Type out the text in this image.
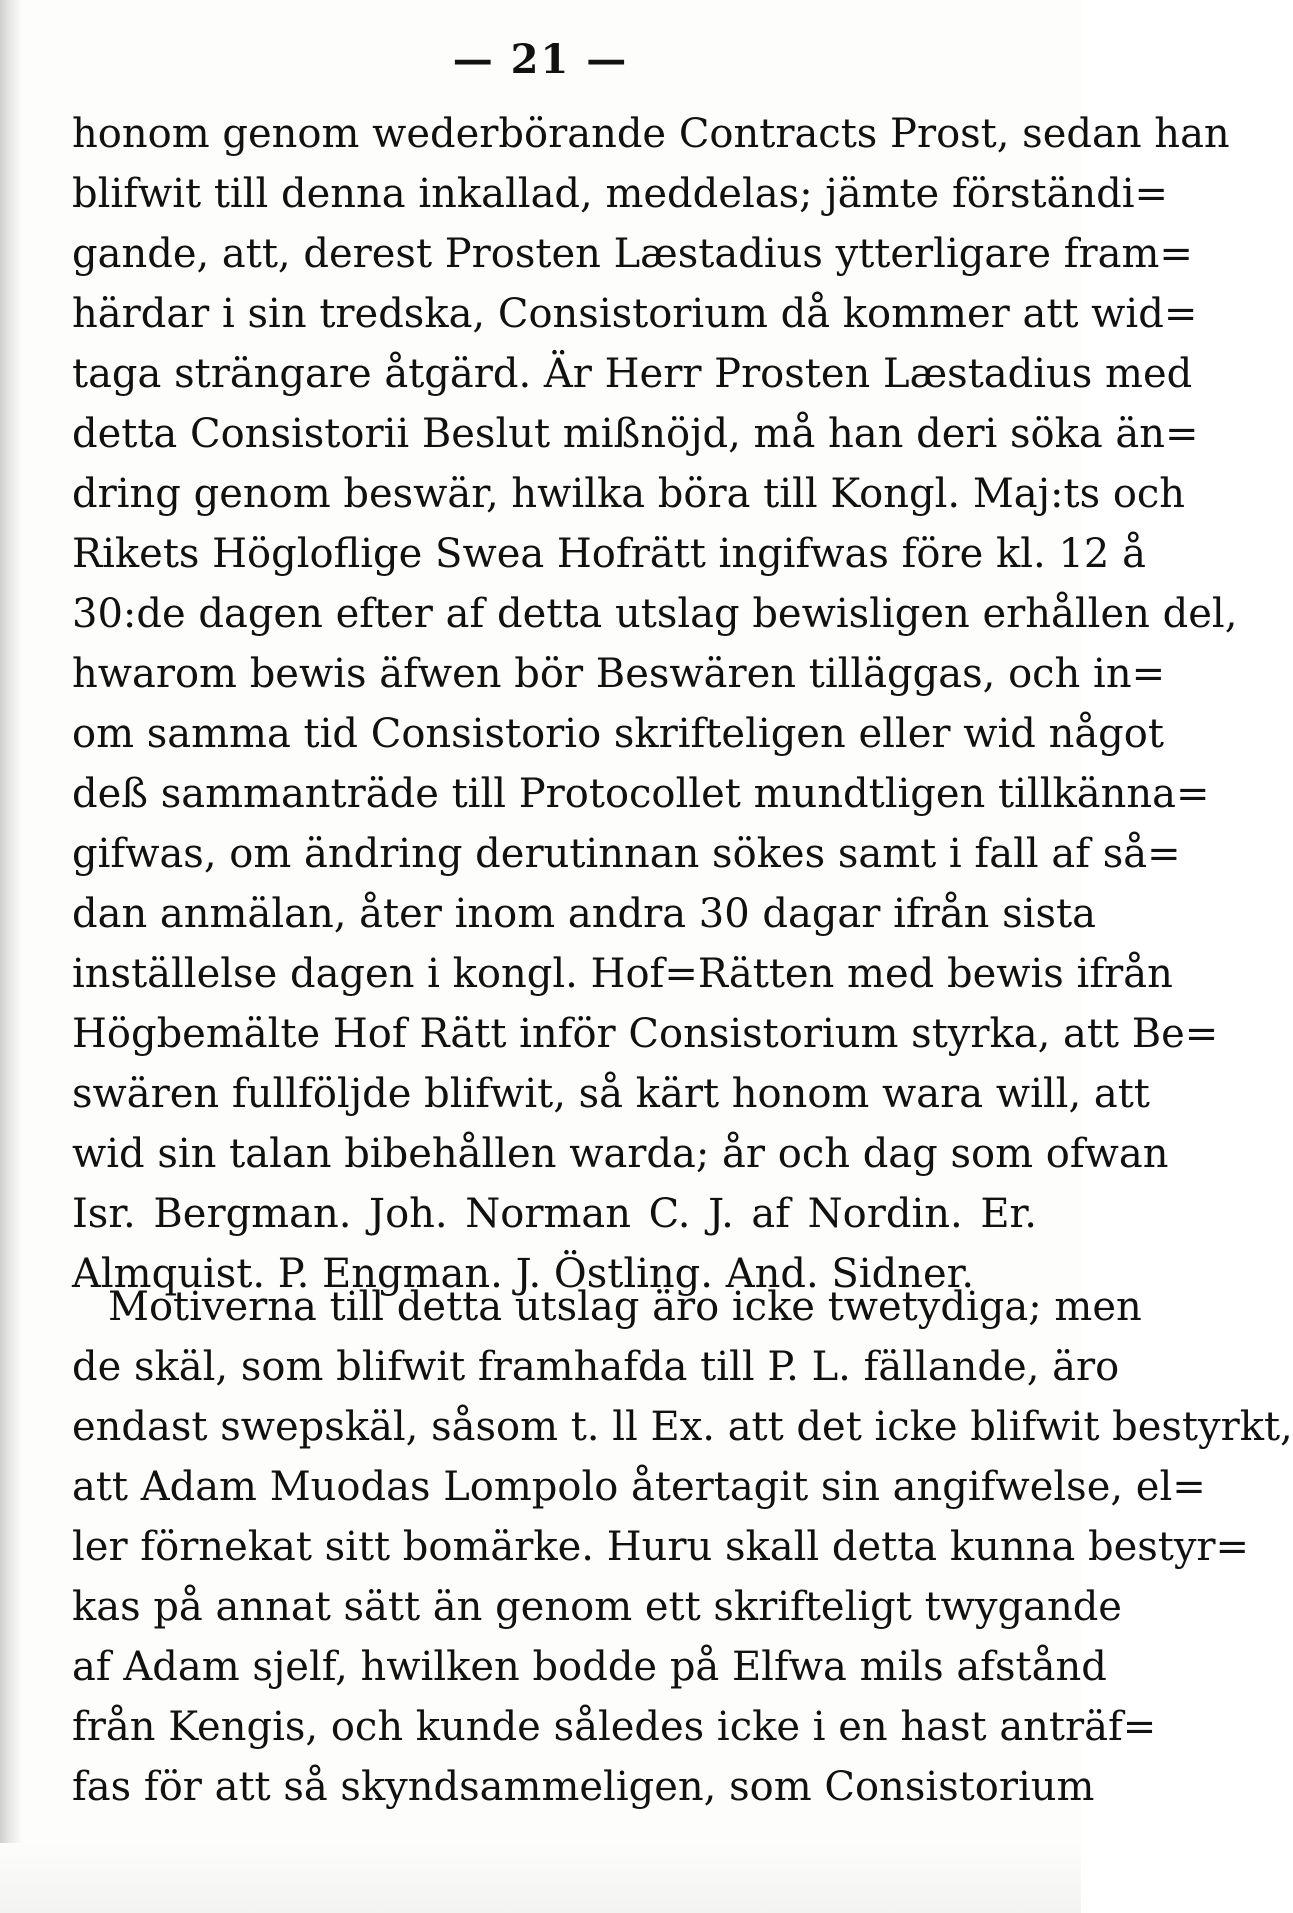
— 21 —
honom genom wederbörande Contracts Prost, sedan han
blifwit till denna inkallad, meddelas; jämte förständi=
gande, att, derest Prosten Læstadius ytterligare fram=
härdar i sin tredska, Consistorium då kommer att wid=
taga strängare åtgärd. Är Herr Prosten Læstadius med
detta Consistorii Beslut mißnöjd, må han deri söka än=
dring genom beswär, hwilka böra till Kongl. Maj:ts och
Rikets Högloflige Swea Hofrätt ingifwas före kl. 12 å
30:de dagen efter af detta utslag bewisligen erhållen del,
hwarom bewis äfwen bör Beswären tilläggas, och in=
om samma tid Consistorio skrifteligen eller wid något
deß sammanträde till Protocollet mundtligen tillkänna=
gifwas, om ändring derutinnan sökes samt i fall af så=
dan anmälan, åter inom andra 30 dagar ifrån sista
inställelse dagen i kongl. Hof=Rätten med bewis ifrån
Högbemälte Hof Rätt inför Consistorium styrka, att Be=
swären fullföljde blifwit, så kärt honom wara will, att
wid sin talan bibehållen warda; år och dag som ofwan
Isr. Bergman. Joh. Norman C. J. af Nordin. Er.
Almquist. P. Engman. J. Östling. And. Sidner.
Motiverna till detta utslag äro icke twetydiga; men
de skäl, som blifwit framhafda till P. L. fällande, äro
endast swepskäl, såsom t. ll Ex. att det icke blifwit bestyrkt,
att Adam Muodas Lompolo återtagit sin angifwelse, el=
ler förnekat sitt bomärke. Huru skall detta kunna bestyr=
kas på annat sätt än genom ett skrifteligt twygande
af Adam sjelf, hwilken bodde på Elfwa mils afstånd
från Kengis, och kunde således icke i en hast anträf=
fas för att så skyndsammeligen, som Consistorium
